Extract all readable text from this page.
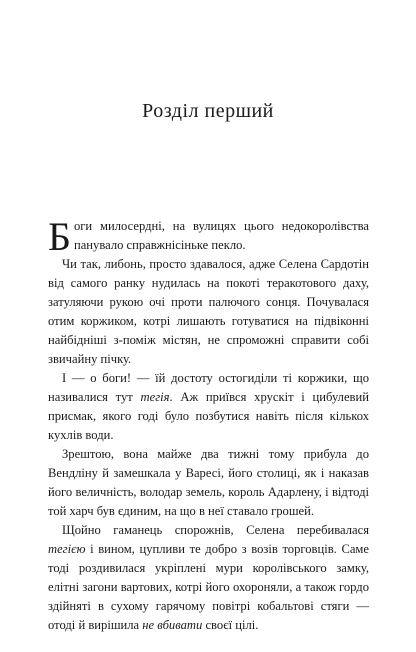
Розділ перший

Боги милосердні, на вулицях цього недокоролівства панувало справжнісіньке пекло.

Чи так, либонь, просто здавалося, адже Селена Сардотін від самого ранку нудилась на покоті теракотового даху, затуляючи рукою очі проти палючого сонця. Почувалася отим коржиком, котрі лишають готуватися на підвіконні найбідніші з-поміж містян, не спроможні справити собі звичайну пічку.

І — о боги! — їй достоту остогиділи ті коржики, що називалися тут тегія. Аж приївся хрускіт і цибулевий присмак, якого годі було позбутися навіть після кількох кухлів води.

Зрештою, вона майже два тижні тому прибула до Вендліну й замешкала у Варесі, його столиці, як і наказав його величність, володар земель, король Адарлену, і відтоді той харч був єдиним, на що в неї ставало грошей.

Щойно гаманець спорожнів, Селена перебивалася тегією і вином, цупливи те добро з возів торговців. Саме тоді роздивилася укріплені мури королівського замку, елітні загони вартових, котрі його охороняли, а також гордо здійняті в сухому гарячому повітрі кобальтові стяги — отоді й вирішила не вбивати своєї цілі.
